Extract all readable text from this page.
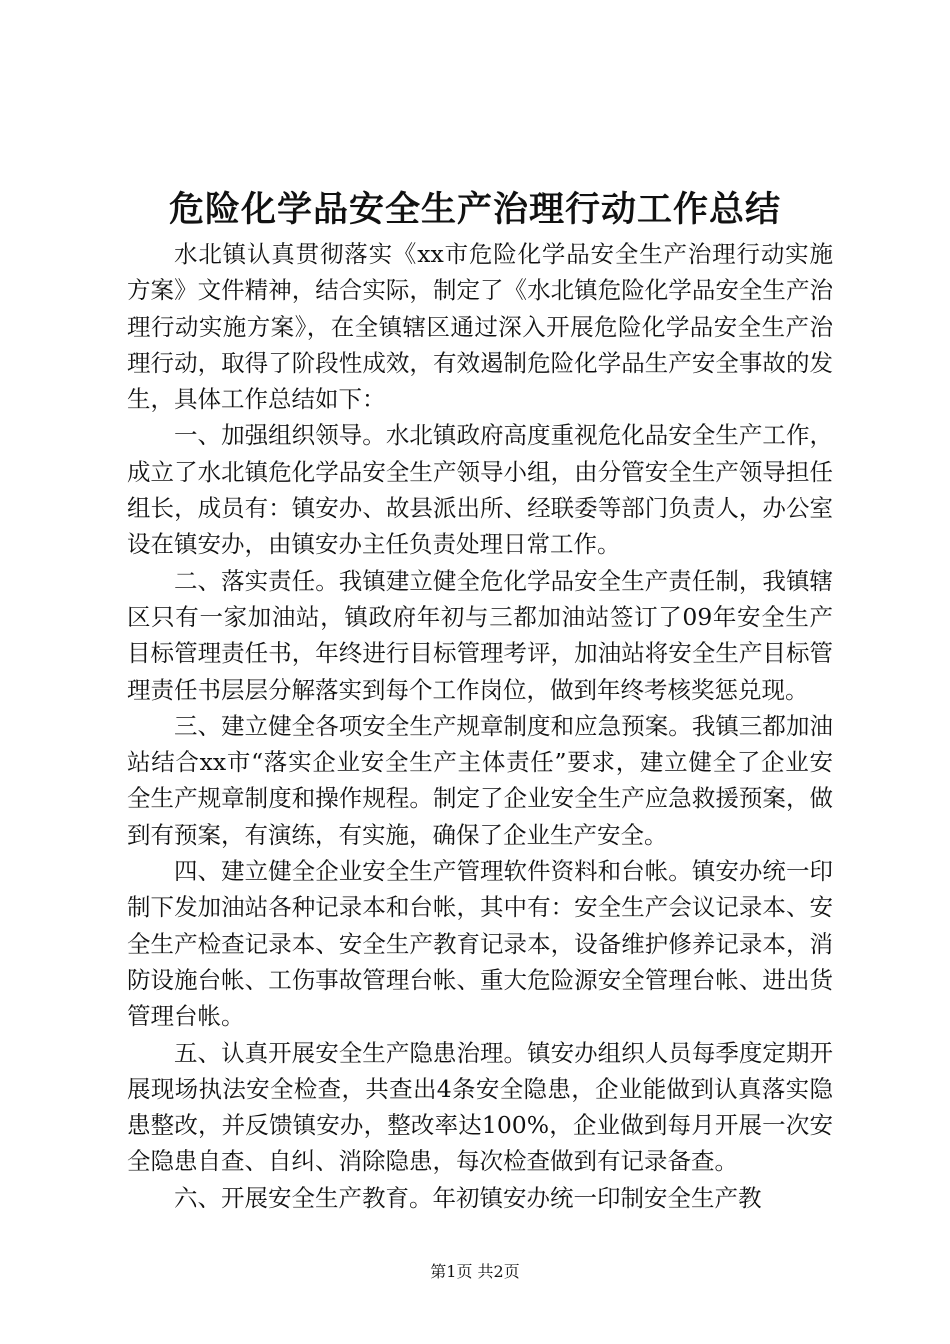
危险化学品安全生产治理行动工作总结

水北镇认真贯彻落实《xx市危险化学品安全生产治理行动实施方案》文件精神，结合实际，制定了《水北镇危险化学品安全生产治理行动实施方案》，在全镇辖区通过深入开展危险化学品安全生产治理行动，取得了阶段性成效，有效遏制危险化学品生产安全事故的发生，具体工作总结如下：

一、加强组织领导。水北镇政府高度重视危化品安全生产工作，成立了水北镇危化学品安全生产领导小组，由分管安全生产领导担任组长，成员有：镇安办、故县派出所、经联委等部门负责人，办公室设在镇安办，由镇安办主任负责处理日常工作。

二、落实责任。我镇建立健全危化学品安全生产责任制，我镇辖区只有一家加油站，镇政府年初与三都加油站签订了09年安全生产目标管理责任书，年终进行目标管理考评，加油站将安全生产目标管理责任书层层分解落实到每个工作岗位，做到年终考核奖惩兑现。

三、建立健全各项安全生产规章制度和应急预案。我镇三都加油站结合xx市“落实企业安全生产主体责任”要求，建立健全了企业安全生产规章制度和操作规程。制定了企业安全生产应急救援预案，做到有预案，有演练，有实施，确保了企业生产安全。

四、建立健全企业安全生产管理软件资料和台帐。镇安办统一印制下发加油站各种记录本和台帐，其中有：安全生产会议记录本、安全生产检查记录本、安全生产教育记录本，设备维护修养记录本，消防设施台帐、工伤事故管理台帐、重大危险源安全管理台帐、进出货管理台帐。

五、认真开展安全生产隐患治理。镇安办组织人员每季度定期开展现场执法安全检查，共查出4条安全隐患，企业能做到认真落实隐患整改，并反馈镇安办，整改率达100%，企业做到每月开展一次安全隐患自查、自纠、消除隐患，每次检查做到有记录备查。

六、开展安全生产教育。年初镇安办统一印制安全生产教

第1页 共2页
